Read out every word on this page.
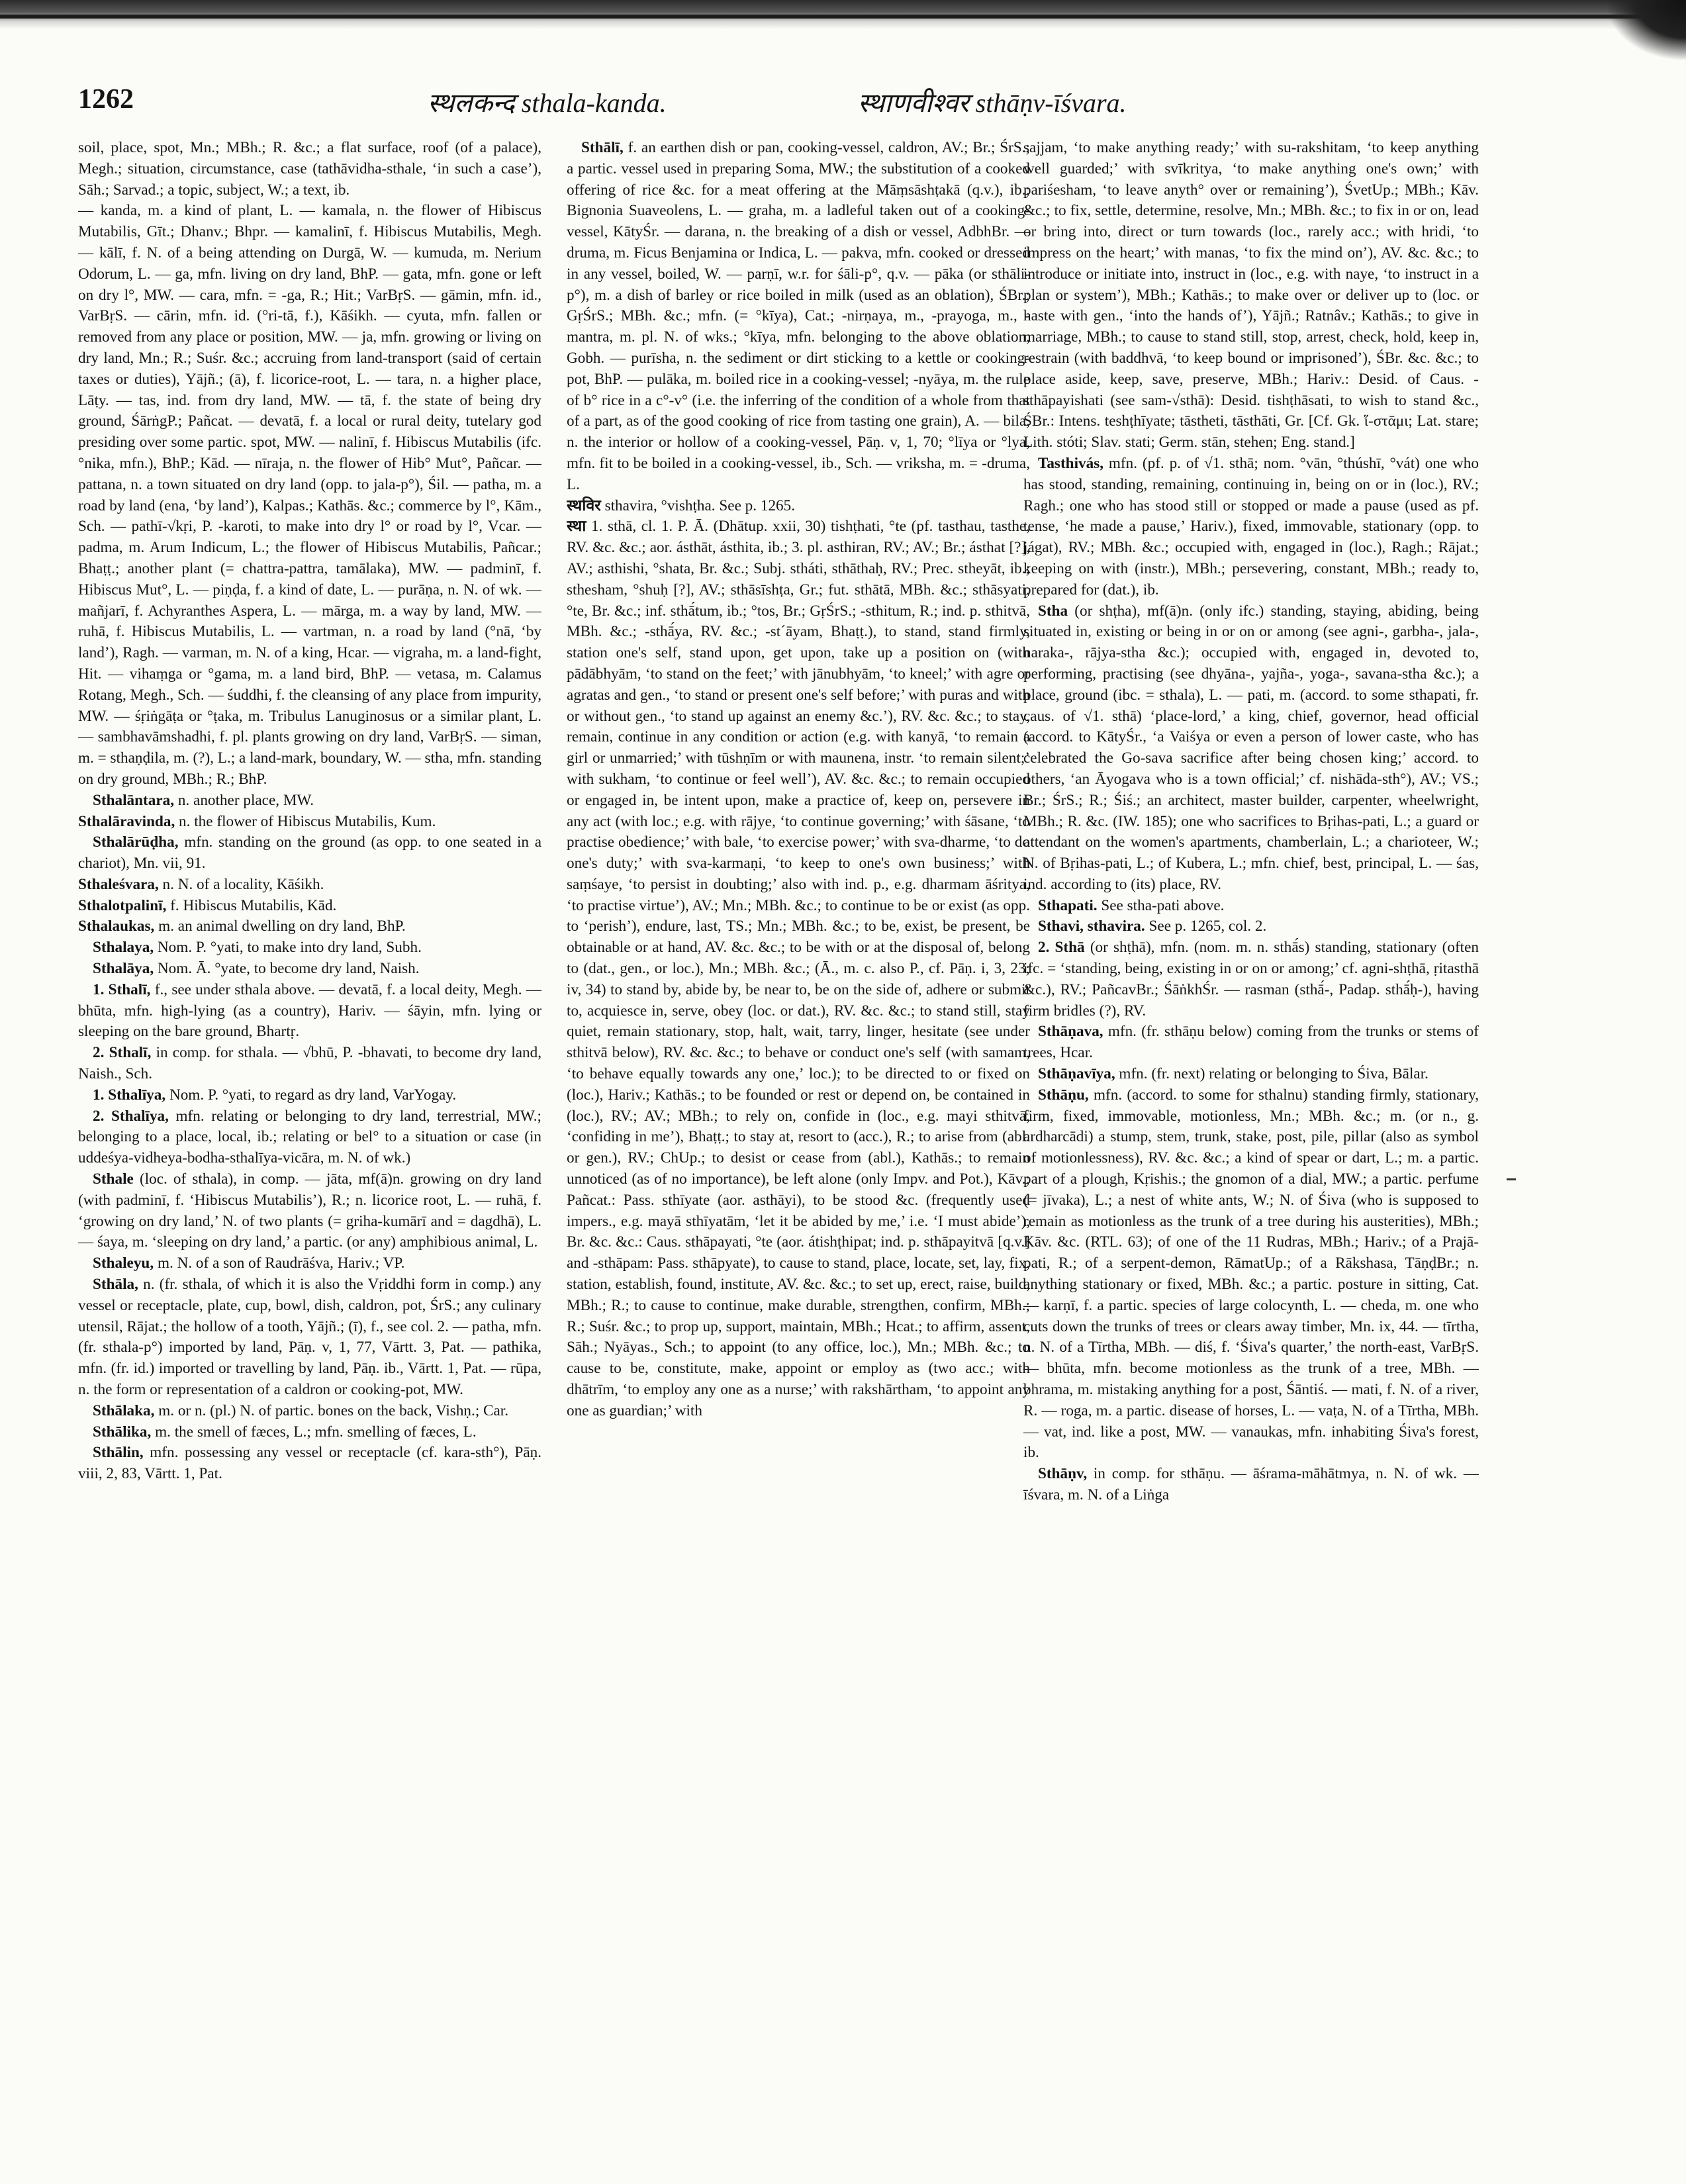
1262	स्थलकन्द sthala-kanda.	स्थाणवीश्वर sthāṇv-īśvara.

soil, place, spot, Mn.; MBh.; R. &c.; a flat surface, roof (of a palace), Megh.; situation, circumstance, case (tathāvidha-sthale, ‘in such a case’), Sāh.; Sarvad.; a topic, subject, W.; a text, ib.

— kanda, m. a kind of plant, L. — kamala, n. the flower of Hibiscus Mutabilis, Gīt.; Dhanv.; Bhpr. — kamalinī, f. Hibiscus Mutabilis, Megh. — kālī, f. N. of a being attending on Durgā, W. — kumuda, m. Nerium Odorum, L. — ga, mfn. living on dry land, BhP. — gata, mfn. gone or left on dry l°, MW. — cara, mfn. = -ga, R.; Hit.; VarBṛS. — gāmin, mfn. id., VarBṛS. — cārin, mfn. id. (°ri-tā, f.), Kāśikh. — cyuta, mfn. fallen or removed from any place or position, MW. — ja, mfn. growing or living on dry land, Mn.; R.; Suśr. &c.; accruing from land-transport (said of certain taxes or duties), Yājñ.; (ā), f. licorice-root, L. — tara, n. a higher place, Lāṭy. — tas, ind. from dry land, MW. — tā, f. the state of being dry ground, ŚārṅgP.; Pañcat. — devatā, f. a local or rural deity, tutelary god presiding over some partic. spot, MW. — nalinī, f. Hibiscus Mutabilis (ifc. °nika, mfn.), BhP.; Kād. — nīraja, n. the flower of Hib° Mut°, Pañcar. — pattana, n. a town situated on dry land (opp. to jala-p°), Śil. — patha, m. a road by land (ena, ‘by land’), Kalpas.; Kathās. &c.; commerce by l°, Kām., Sch. — pathī-√kṛi, P. -karoti, to make into dry l° or road by l°, Vcar. — padma, m. Arum Indicum, L.; the flower of Hibiscus Mutabilis, Pañcar.; Bhaṭṭ.; another plant (= chattra-pattra, tamālaka), MW. — padminī, f. Hibiscus Mut°, L. — piṇḍa, f. a kind of date, L. — purāṇa, n. N. of wk. — mañjarī, f. Achyranthes Aspera, L. — mārga, m. a way by land, MW. — ruhā, f. Hibiscus Mutabilis, L. — vartman, n. a road by land (°nā, ‘by land’), Ragh. — varman, m. N. of a king, Hcar. — vigraha, m. a land-fight, Hit. — vihaṃga or °gama, m. a land bird, BhP. — vetasa, m. Calamus Rotang, Megh., Sch. — śuddhi, f. the cleansing of any place from impurity, MW. — śṛiṅgāṭa or °ṭaka, m. Tribulus Lanuginosus or a similar plant, L. — sambhavāmshadhi, f. pl. plants growing on dry land, VarBṛS. — siman, m. = sthaṇḍila, m. (?), L.; a land-mark, boundary, W. — stha, mfn. standing on dry ground, MBh.; R.; BhP.

Sthalāntara, n. another place, MW.

Sthalāravinda, n. the flower of Hibiscus Mutabilis, Kum.

Sthalārūḍha, mfn. standing on the ground (as opp. to one seated in a chariot), Mn. vii, 91.

Sthaleśvara, n. N. of a locality, Kāśikh.

Sthalotpalinī, f. Hibiscus Mutabilis, Kād.

Sthalaukas, m. an animal dwelling on dry land, BhP.

Sthalaya, Nom. P. °yati, to make into dry land, Subh.

Sthalāya, Nom. Ā. °yate, to become dry land, Naish.

1. Sthalī, f., see under sthala above. — devatā, f. a local deity, Megh. — bhūta, mfn. high-lying (as a country), Hariv. — śāyin, mfn. lying or sleeping on the bare ground, Bhartṛ.

2. Sthalī, in comp. for sthala. — √bhū, P. -bhavati, to become dry land, Naish., Sch.

1. Sthalīya, Nom. P. °yati, to regard as dry land, VarYogay.

2. Sthalīya, mfn. relating or belonging to dry land, terrestrial, MW.; belonging to a place, local, ib.; relating or bel° to a situation or case (in uddeśya-vidheya-bodha-sthalīya-vicāra, m. N. of wk.)

Sthale (loc. of sthala), in comp. — jāta, mf(ā)n. growing on dry land (with padminī, f. ‘Hibiscus Mutabilis’), R.; n. licorice root, L. — ruhā, f. ‘growing on dry land,’ N. of two plants (= griha-kumārī and = dagdhā), L. — śaya, m. ‘sleeping on dry land,’ a partic. (or any) amphibious animal, L.

Sthaleyu, m. N. of a son of Raudrāśva, Hariv.; VP.

Sthāla, n. (fr. sthala, of which it is also the Vṛiddhi form in comp.) any vessel or receptacle, plate, cup, bowl, dish, caldron, pot, ŚrS.; any culinary utensil, Rājat.; the hollow of a tooth, Yājñ.; (ī), f., see col. 2. — patha, mfn. (fr. sthala-p°) imported by land, Pāṇ. v, 1, 77, Vārtt. 3, Pat. — pathika, mfn. (fr. id.) imported or travelling by land, Pāṇ. ib., Vārtt. 1, Pat. — rūpa, n. the form or representation of a caldron or cooking-pot, MW.

Sthālaka, m. or n. (pl.) N. of partic. bones on the back, Vishṇ.; Car.

Sthālika, m. the smell of fæces, L.; mfn. smelling of fæces, L.

Sthālin, mfn. possessing any vessel or receptacle (cf. kara-sth°), Pāṇ. viii, 2, 83, Vārtt. 1, Pat.

Sthālī, f. an earthen dish or pan, cooking-vessel, caldron, AV.; Br.; ŚrS.; a partic. vessel used in preparing Soma, MW.; the substitution of a cooked offering of rice &c. for a meat offering at the Māṃsāshṭakā (q.v.), ib.; Bignonia Suaveolens, L. — graha, m. a ladleful taken out of a cooking-vessel, KātyŚr. — darana, n. the breaking of a dish or vessel, AdbhBr. — druma, m. Ficus Benjamina or Indica, L. — pakva, mfn. cooked or dressed in any vessel, boiled, W. — parṇī, w.r. for śāli-p°, q.v. — pāka (or sthāli-p°), m. a dish of barley or rice boiled in milk (used as an oblation), ŚBr.; GṛŚrS.; MBh. &c.; mfn. (= °kīya), Cat.; -nirṇaya, m., -prayoga, m., -mantra, m. pl. N. of wks.; °kīya, mfn. belonging to the above oblation, Gobh. — purīsha, n. the sediment or dirt sticking to a kettle or cooking-pot, BhP. — pulāka, m. boiled rice in a cooking-vessel; -nyāya, m. the rule of b° rice in a c°-v° (i.e. the inferring of the condition of a whole from that of a part, as of the good cooking of rice from tasting one grain), A. — bila, n. the interior or hollow of a cooking-vessel, Pāṇ. v, 1, 70; °līya or °lya, mfn. fit to be boiled in a cooking-vessel, ib., Sch. — vriksha, m. = -druma, L.

स्थविर sthavira, °vishṭha. See p. 1265.

स्था 1. sthā, cl. 1. P. Ā. (Dhātup. xxii, 30) tishṭhati, °te (pf. tasthau, tasthe, RV. &c. &c.; aor. ásthāt, ásthita, ib.; 3. pl. asthiran, RV.; AV.; Br.; ásthat [?], AV.; asthishi, °shata, Br. &c.; Subj. stháti, sthāthaḥ, RV.; Prec. stheyāt, ib.; sthesham, °shuḥ [?], AV.; sthāsīshṭa, Gr.; fut. sthātā, MBh. &c.; sthāsyati, °te, Br. &c.; inf. sthā́tum, ib.; °tos, Br.; GṛŚrS.; -sthitum, R.; ind. p. sthitvā, MBh. &c.; -sthā́ya, RV. &c.; -st´āyam, Bhaṭṭ.), to stand, stand firmly, station one's self, stand upon, get upon, take up a position on (with pādābhyām, ‘to stand on the feet;’ with jānubhyām, ‘to kneel;’ with agre or agratas and gen., ‘to stand or present one's self before;’ with puras and with or without gen., ‘to stand up against an enemy &c.’), RV. &c. &c.; to stay, remain, continue in any condition or action (e.g. with kanyā, ‘to remain a girl or unmarried;’ with tūshṇīm or with maunena, instr. ‘to remain silent;’ with sukham, ‘to continue or feel well’), AV. &c. &c.; to remain occupied or engaged in, be intent upon, make a practice of, keep on, persevere in any act (with loc.; e.g. with rājye, ‘to continue governing;’ with śāsane, ‘to practise obedience;’ with bale, ‘to exercise power;’ with sva-dharme, ‘to do one's duty;’ with sva-karmaṇi, ‘to keep to one's own business;’ with saṃśaye, ‘to persist in doubting;’ also with ind. p., e.g. dharmam āśritya, ‘to practise virtue’), AV.; Mn.; MBh. &c.; to continue to be or exist (as opp. to ‘perish’), endure, last, TS.; Mn.; MBh. &c.; to be, exist, be present, be obtainable or at hand, AV. &c. &c.; to be with or at the disposal of, belong to (dat., gen., or loc.), Mn.; MBh. &c.; (Ā., m. c. also P., cf. Pāṇ. i, 3, 23; iv, 34) to stand by, abide by, be near to, be on the side of, adhere or submit to, acquiesce in, serve, obey (loc. or dat.), RV. &c. &c.; to stand still, stay quiet, remain stationary, stop, halt, wait, tarry, linger, hesitate (see under sthitvā below), RV. &c. &c.; to behave or conduct one's self (with samam, ‘to behave equally towards any one,’ loc.); to be directed to or fixed on (loc.), Hariv.; Kathās.; to be founded or rest or depend on, be contained in (loc.), RV.; AV.; MBh.; to rely on, confide in (loc., e.g. mayi sthitvā, ‘confiding in me’), Bhaṭṭ.; to stay at, resort to (acc.), R.; to arise from (abl. or gen.), RV.; ChUp.; to desist or cease from (abl.), Kathās.; to remain unnoticed (as of no importance), be left alone (only Impv. and Pot.), Kāv.; Pañcat.: Pass. sthīyate (aor. asthāyi), to be stood &c. (frequently used impers., e.g. mayā sthīyatām, ‘let it be abided by me,’ i.e. ‘I must abide’), Br. &c. &c.: Caus. sthāpayati, °te (aor. átishṭhipat; ind. p. sthāpayitvā [q.v.] and -sthāpam: Pass. sthāpyate), to cause to stand, place, locate, set, lay, fix, station, establish, found, institute, AV. &c. &c.; to set up, erect, raise, build, MBh.; R.; to cause to continue, make durable, strengthen, confirm, MBh.; R.; Suśr. &c.; to prop up, support, maintain, MBh.; Hcat.; to affirm, assent, Sāh.; Nyāyas., Sch.; to appoint (to any office, loc.), Mn.; MBh. &c.; to cause to be, constitute, make, appoint or employ as (two acc.; with dhātrīm, ‘to employ any one as a nurse;’ with rakshārtham, ‘to appoint any one as guardian;’ with

sajjam, ‘to make anything ready;’ with su-rakshitam, ‘to keep anything well guarded;’ with svīkritya, ‘to make anything one's own;’ with pariśesham, ‘to leave anyth° over or remaining’), ŚvetUp.; MBh.; Kāv. &c.; to fix, settle, determine, resolve, Mn.; MBh. &c.; to fix in or on, lead or bring into, direct or turn towards (loc., rarely acc.; with hridi, ‘to impress on the heart;’ with manas, ‘to fix the mind on’), AV. &c. &c.; to introduce or initiate into, instruct in (loc., e.g. with naye, ‘to instruct in a plan or system’), MBh.; Kathās.; to make over or deliver up to (loc. or haste with gen., ‘into the hands of’), Yājñ.; Ratnâv.; Kathās.; to give in marriage, MBh.; to cause to stand still, stop, arrest, check, hold, keep in, restrain (with baddhvā, ‘to keep bound or imprisoned’), ŚBr. &c. &c.; to place aside, keep, save, preserve, MBh.; Hariv.: Desid. of Caus. -sthāpayishati (see sam-√sthā): Desid. tishṭhāsati, to wish to stand &c., ŚBr.: Intens. teshṭhīyate; tāstheti, tāsthāti, Gr. [Cf. Gk. ἵ-στᾱμι; Lat. stare; Lith. stóti; Slav. stati; Germ. stān, stehen; Eng. stand.]

Tasthivás, mfn. (pf. p. of √1. sthā; nom. °vān, °thúshī, °vát) one who has stood, standing, remaining, continuing in, being on or in (loc.), RV.; Ragh.; one who has stood still or stopped or made a pause (used as pf. tense, ‘he made a pause,’ Hariv.), fixed, immovable, stationary (opp. to jágat), RV.; MBh. &c.; occupied with, engaged in (loc.), Ragh.; Rājat.; keeping on with (instr.), MBh.; persevering, constant, MBh.; ready to, prepared for (dat.), ib.

Stha (or shṭha), mf(ā)n. (only ifc.) standing, staying, abiding, being situated in, existing or being in or on or among (see agni-, garbha-, jala-, naraka-, rājya-stha &c.); occupied with, engaged in, devoted to, performing, practising (see dhyāna-, yajña-, yoga-, savana-stha &c.); a place, ground (ibc. = sthala), L. — pati, m. (accord. to some sthapati, fr. caus. of √1. sthā) ‘place-lord,’ a king, chief, governor, head official (accord. to KātyŚr., ‘a Vaiśya or even a person of lower caste, who has celebrated the Go-sava sacrifice after being chosen king;’ accord. to others, ‘an Āyogava who is a town official;’ cf. nishāda-sth°), AV.; VS.; Br.; ŚrS.; R.; Śiś.; an architect, master builder, carpenter, wheelwright, MBh.; R. &c. (IW. 185); one who sacrifices to Bṛihas-pati, L.; a guard or attendant on the women's apartments, chamberlain, L.; a charioteer, W.; N. of Bṛihas-pati, L.; of Kubera, L.; mfn. chief, best, principal, L. — śas, ind. according to (its) place, RV.

Sthapati. See stha-pati above.

Sthavi, sthavira. See p. 1265, col. 2.

2. Sthā (or shṭhā), mfn. (nom. m. n. sthā́s) standing, stationary (often ifc. = ‘standing, being, existing in or on or among;’ cf. agni-shṭhā, ṛitasthā &c.), RV.; PañcavBr.; ŚāṅkhŚr. — rasman (sthā́-, Padap. sthā́ḥ-), having firm bridles (?), RV.

Sthāṇava, mfn. (fr. sthāṇu below) coming from the trunks or stems of trees, Hcar.

Sthāṇavīya, mfn. (fr. next) relating or belonging to Śiva, Bālar.

Sthāṇu, mfn. (accord. to some for sthalnu) standing firmly, stationary, firm, fixed, immovable, motionless, Mn.; MBh. &c.; m. (or n., g. ardharcādi) a stump, stem, trunk, stake, post, pile, pillar (also as symbol of motionlessness), RV. &c. &c.; a kind of spear or dart, L.; m. a partic. part of a plough, Kṛishis.; the gnomon of a dial, MW.; a partic. perfume (= jīvaka), L.; a nest of white ants, W.; N. of Śiva (who is supposed to remain as motionless as the trunk of a tree during his austerities), MBh.; Kāv. &c. (RTL. 63); of one of the 11 Rudras, MBh.; Hariv.; of a Prajā-pati, R.; of a serpent-demon, RāmatUp.; of a Rākshasa, TāṇḍBr.; n. anything stationary or fixed, MBh. &c.; a partic. posture in sitting, Cat. — karṇī, f. a partic. species of large colocynth, L. — cheda, m. one who cuts down the trunks of trees or clears away timber, Mn. ix, 44. — tīrtha, n. N. of a Tīrtha, MBh. — diś, f. ‘Śiva's quarter,’ the north-east, VarBṛS. — bhūta, mfn. become motionless as the trunk of a tree, MBh. — bhrama, m. mistaking anything for a post, Śāntiś. — mati, f. N. of a river, R. — roga, m. a partic. disease of horses, L. — vaṭa, N. of a Tīrtha, MBh. — vat, ind. like a post, MW. — vanaukas, mfn. inhabiting Śiva's forest, ib.

Sthāṇv, in comp. for sthāṇu. — āśrama-māhātmya, n. N. of wk. — īśvara, m. N. of a Liṅga
